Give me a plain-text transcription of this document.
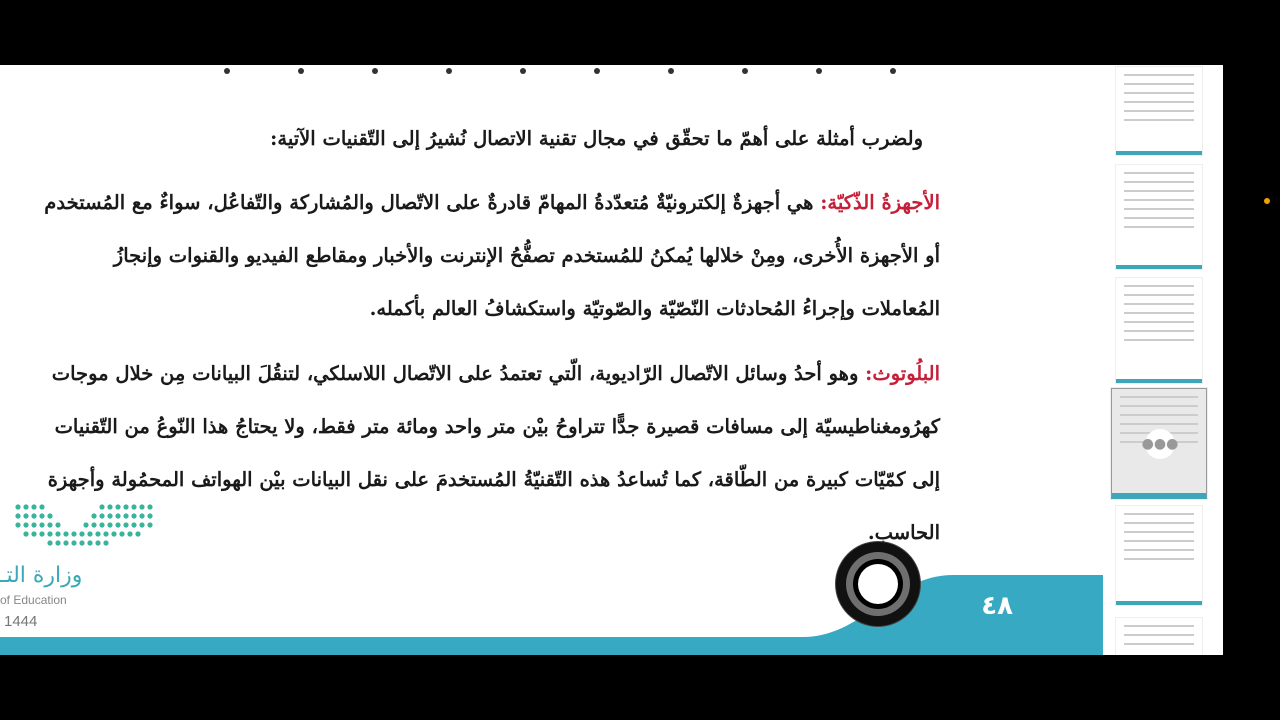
ولضرب أمثلة على أهمّ ما تحقّق في مجال تقنية الاتصال نُشيرُ إلى التّقنيات الآتية:

الأجهزةُ الذّكيّة: هي أجهزةٌ إلكترونيّةٌ مُتعدّدةُ المهامّ قادرةٌ على الاتّصال والمُشاركة والتّفاعُل، سواءٌ مع المُستخدم أو الأجهزة الأُخرى، ومِنْ خلالها يُمكنُ للمُستخدم تصفُّحُ الإنترنت والأخبار ومقاطع الفيديو والقنوات وإنجازُ المُعاملات وإجراءُ المُحادثات النّصّيّة والصّوتيّة واستكشافُ العالم بأكمله.

البلُوتوث: وهو أحدُ وسائل الاتّصال الرّاديوية، الّتي تعتمدُ على الاتّصال اللاسلكي، لتنقُلَ البيانات مِن خلال موجات كهرُومغناطيسيّة إلى مسافات قصيرة جدًّا تتراوحُ بيْن متر واحد ومائة متر فقط، ولا يحتاجُ هذا النّوعُ من التّقنيات إلى كمّيّات كبيرة من الطّاقة، كما تُساعدُ هذه التّقنيّةُ المُستخدمَ على نقل البيانات بيْن الهواتف المحمُولة وأجهزة الحاسب.

وزارة التـ
of Education
1444
٤٨
●●●
